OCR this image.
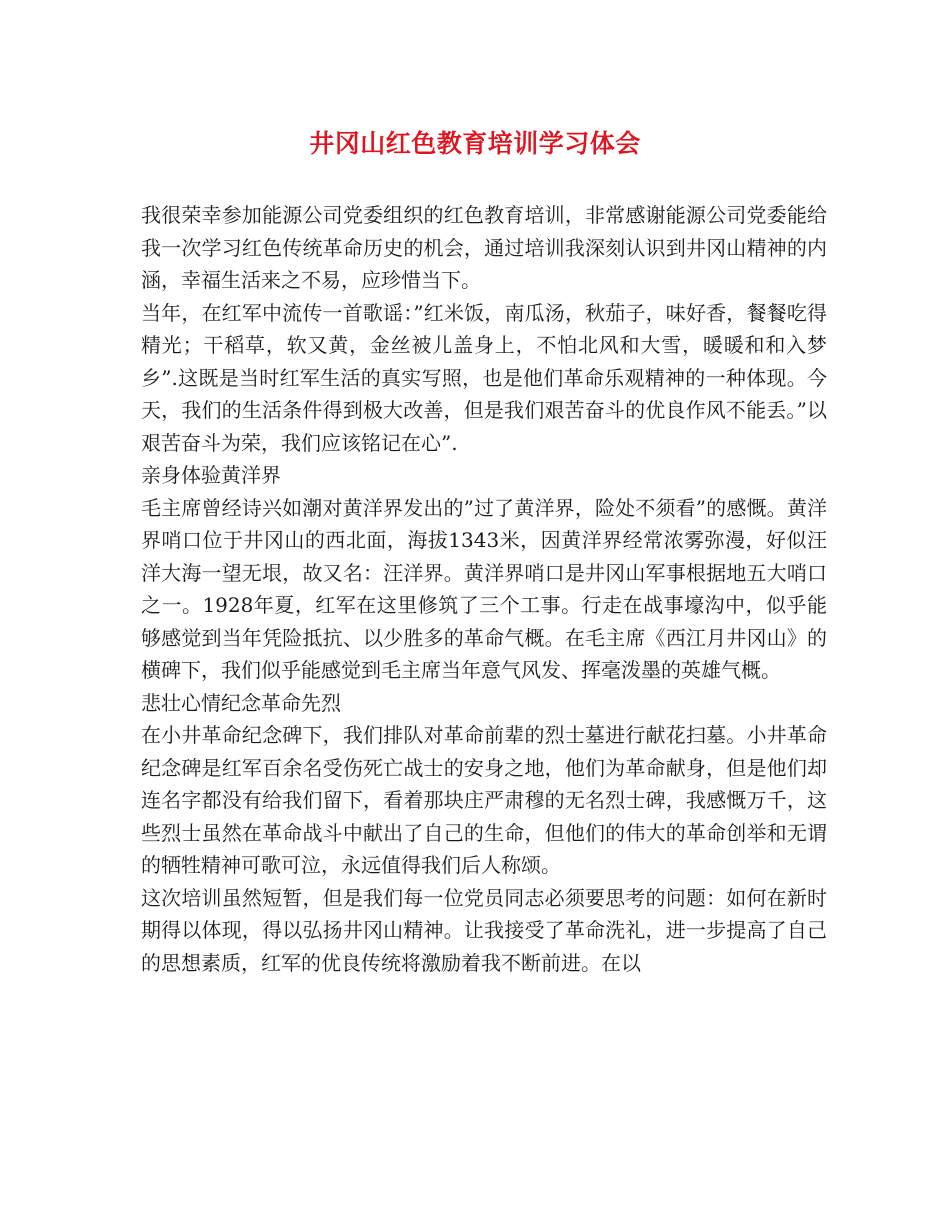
井冈山红色教育培训学习体会

我很荣幸参加能源公司党委组织的红色教育培训，非常感谢能源公司党委能给我一次学习红色传统革命历史的机会，通过培训我深刻认识到井冈山精神的内涵，幸福生活来之不易，应珍惜当下。

当年，在红军中流传一首歌谣：”红米饭，南瓜汤，秋茄子，味好香，餐餐吃得精光；干稻草，软又黄，金丝被儿盖身上，不怕北风和大雪，暖暖和和入梦乡”.这既是当时红军生活的真实写照，也是他们革命乐观精神的一种体现。今天，我们的生活条件得到极大改善，但是我们艰苦奋斗的优良作风不能丢。”以艰苦奋斗为荣，我们应该铭记在心”.

亲身体验黄洋界

毛主席曾经诗兴如潮对黄洋界发出的”过了黄洋界，险处不须看”的感慨。黄洋界哨口位于井冈山的西北面，海拔1343米，因黄洋界经常浓雾弥漫，好似汪洋大海一望无垠，故又名：汪洋界。黄洋界哨口是井冈山军事根据地五大哨口之一。1928年夏，红军在这里修筑了三个工事。行走在战事壕沟中，似乎能够感觉到当年凭险抵抗、以少胜多的革命气概。在毛主席《西江月井冈山》的横碑下，我们似乎能感觉到毛主席当年意气风发、挥毫泼墨的英雄气概。

悲壮心情纪念革命先烈

在小井革命纪念碑下，我们排队对革命前辈的烈士墓进行献花扫墓。小井革命纪念碑是红军百余名受伤死亡战士的安身之地，他们为革命献身，但是他们却连名字都没有给我们留下，看着那块庄严肃穆的无名烈士碑，我感慨万千，这些烈士虽然在革命战斗中献出了自己的生命，但他们的伟大的革命创举和无谓的牺牲精神可歌可泣，永远值得我们后人称颂。

这次培训虽然短暂，但是我们每一位党员同志必须要思考的问题：如何在新时期得以体现，得以弘扬井冈山精神。让我接受了革命洗礼，进一步提高了自己的思想素质，红军的优良传统将激励着我不断前进。在以
